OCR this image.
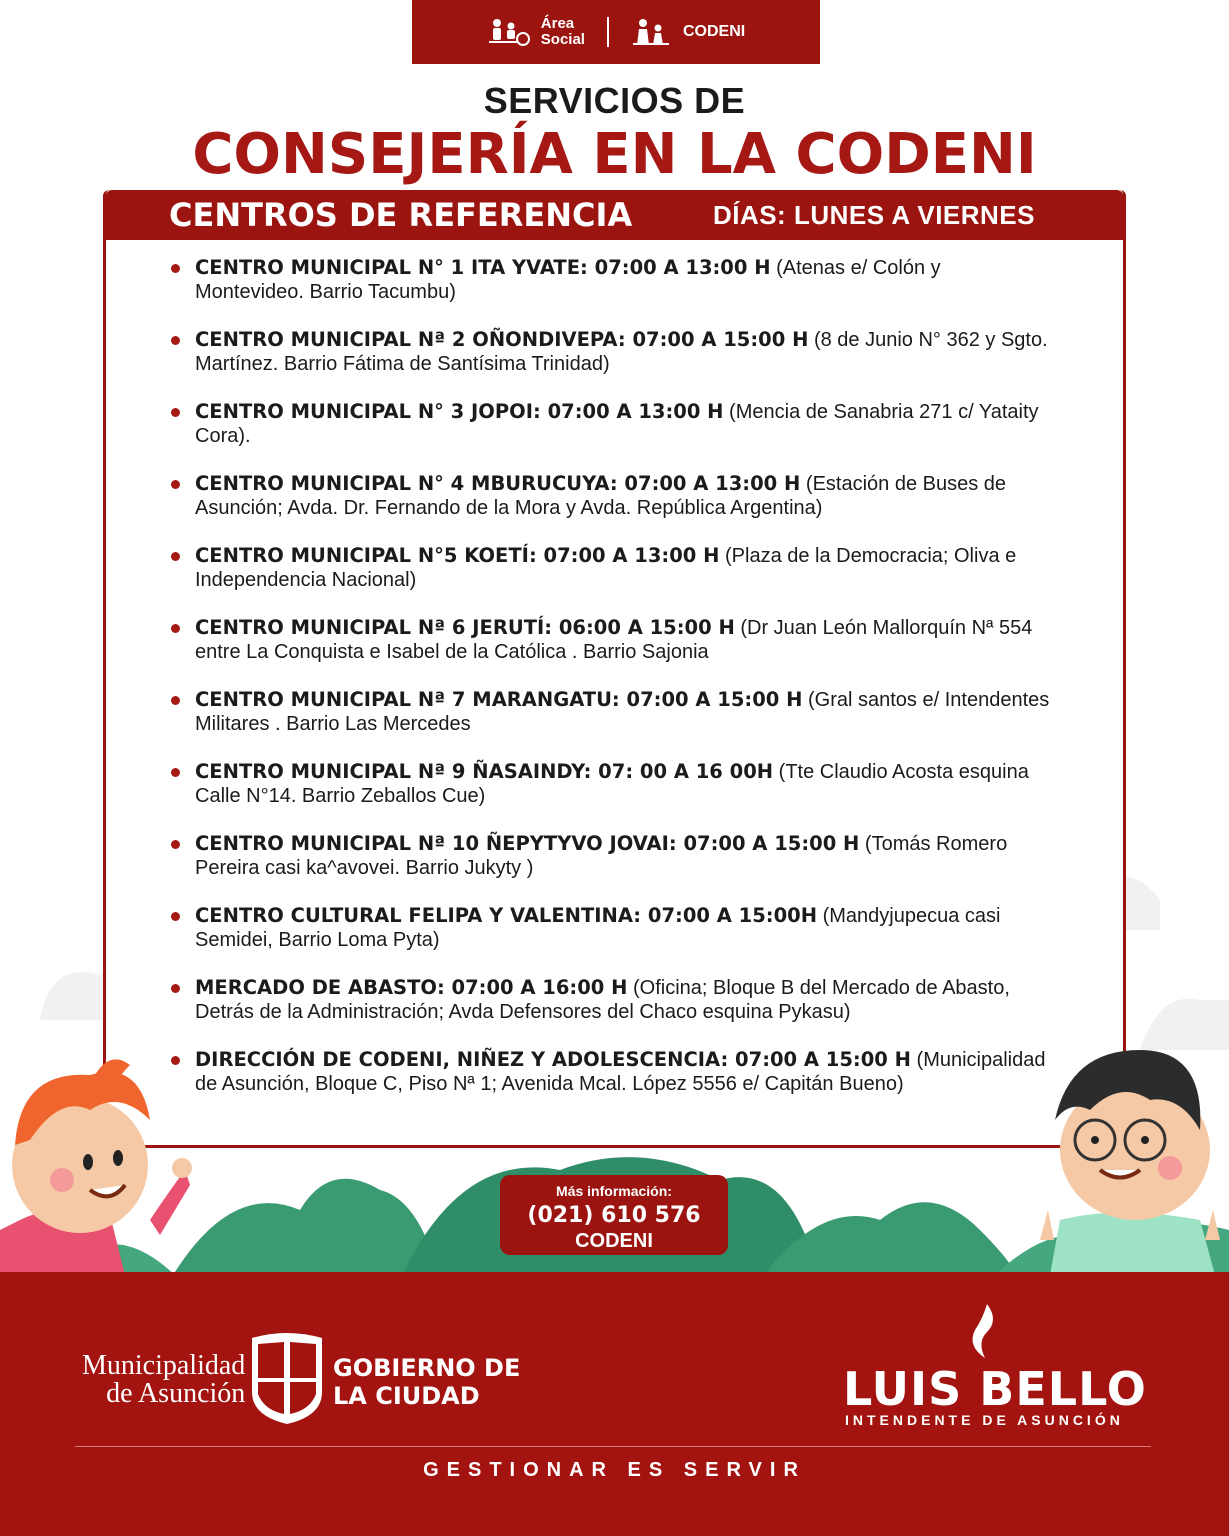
Área
Social	CODENI
SERVICIOS DE
CONSEJERÍA EN LA CODENI
CENTROS DE REFERENCIA	DÍAS: LUNES A VIERNES
CENTRO MUNICIPAL N° 1 ITA YVATE: 07:00 A 13:00 H (Atenas e/ Colón y Montevideo. Barrio Tacumbu)
CENTRO MUNICIPAL Nª 2 OÑONDIVEPA: 07:00 A 15:00 H (8 de Junio N° 362 y Sgto. Martínez. Barrio Fátima de Santísima Trinidad)
CENTRO MUNICIPAL N° 3 JOPOI: 07:00 A 13:00 H (Mencia de Sanabria 271 c/ Yataity Cora).
CENTRO MUNICIPAL N° 4 MBURUCUYA: 07:00 A 13:00 H (Estación de Buses de Asunción; Avda. Dr. Fernando de la Mora y Avda. República Argentina)
CENTRO MUNICIPAL N°5 KOETÍ: 07:00 A 13:00 H (Plaza de la Democracia; Oliva e Independencia Nacional)
CENTRO MUNICIPAL Nª 6 JERUTÍ: 06:00 A 15:00 H (Dr Juan León Mallorquín Nª 554 entre La Conquista e Isabel de la Católica . Barrio Sajonia
CENTRO MUNICIPAL Nª 7 MARANGATU: 07:00 A 15:00 H (Gral santos e/ Intendentes Militares . Barrio Las Mercedes
CENTRO MUNICIPAL Nª 9 ÑASAINDY: 07: 00 A 16 00H (Tte Claudio Acosta esquina Calle N°14. Barrio Zeballos Cue)
CENTRO MUNICIPAL Nª 10 ÑEPYTYVO JOVAI: 07:00 A 15:00 H (Tomás Romero Pereira casi ka^avovei. Barrio Jukyty )
CENTRO CULTURAL FELIPA Y VALENTINA: 07:00 A 15:00H (Mandyjupecua casi Semidei, Barrio Loma Pyta)
MERCADO DE ABASTO: 07:00 A 16:00 H (Oficina; Bloque B del Mercado de Abasto, Detrás de la Administración; Avda Defensores del Chaco esquina Pykasu)
DIRECCIÓN DE CODENI, NIÑEZ Y ADOLESCENCIA: 07:00 A 15:00 H (Municipalidad de Asunción, Bloque C, Piso Nª 1; Avenida Mcal. López 5556 e/ Capitán Bueno)
Más información:
(021) 610 576
CODENI
Municipalidad
de Asunción
GOBIERNO DE
LA CIUDAD	LUIS BELLO
INTENDENTE DE ASUNCIÓN
GESTIONAR ES SERVIR
